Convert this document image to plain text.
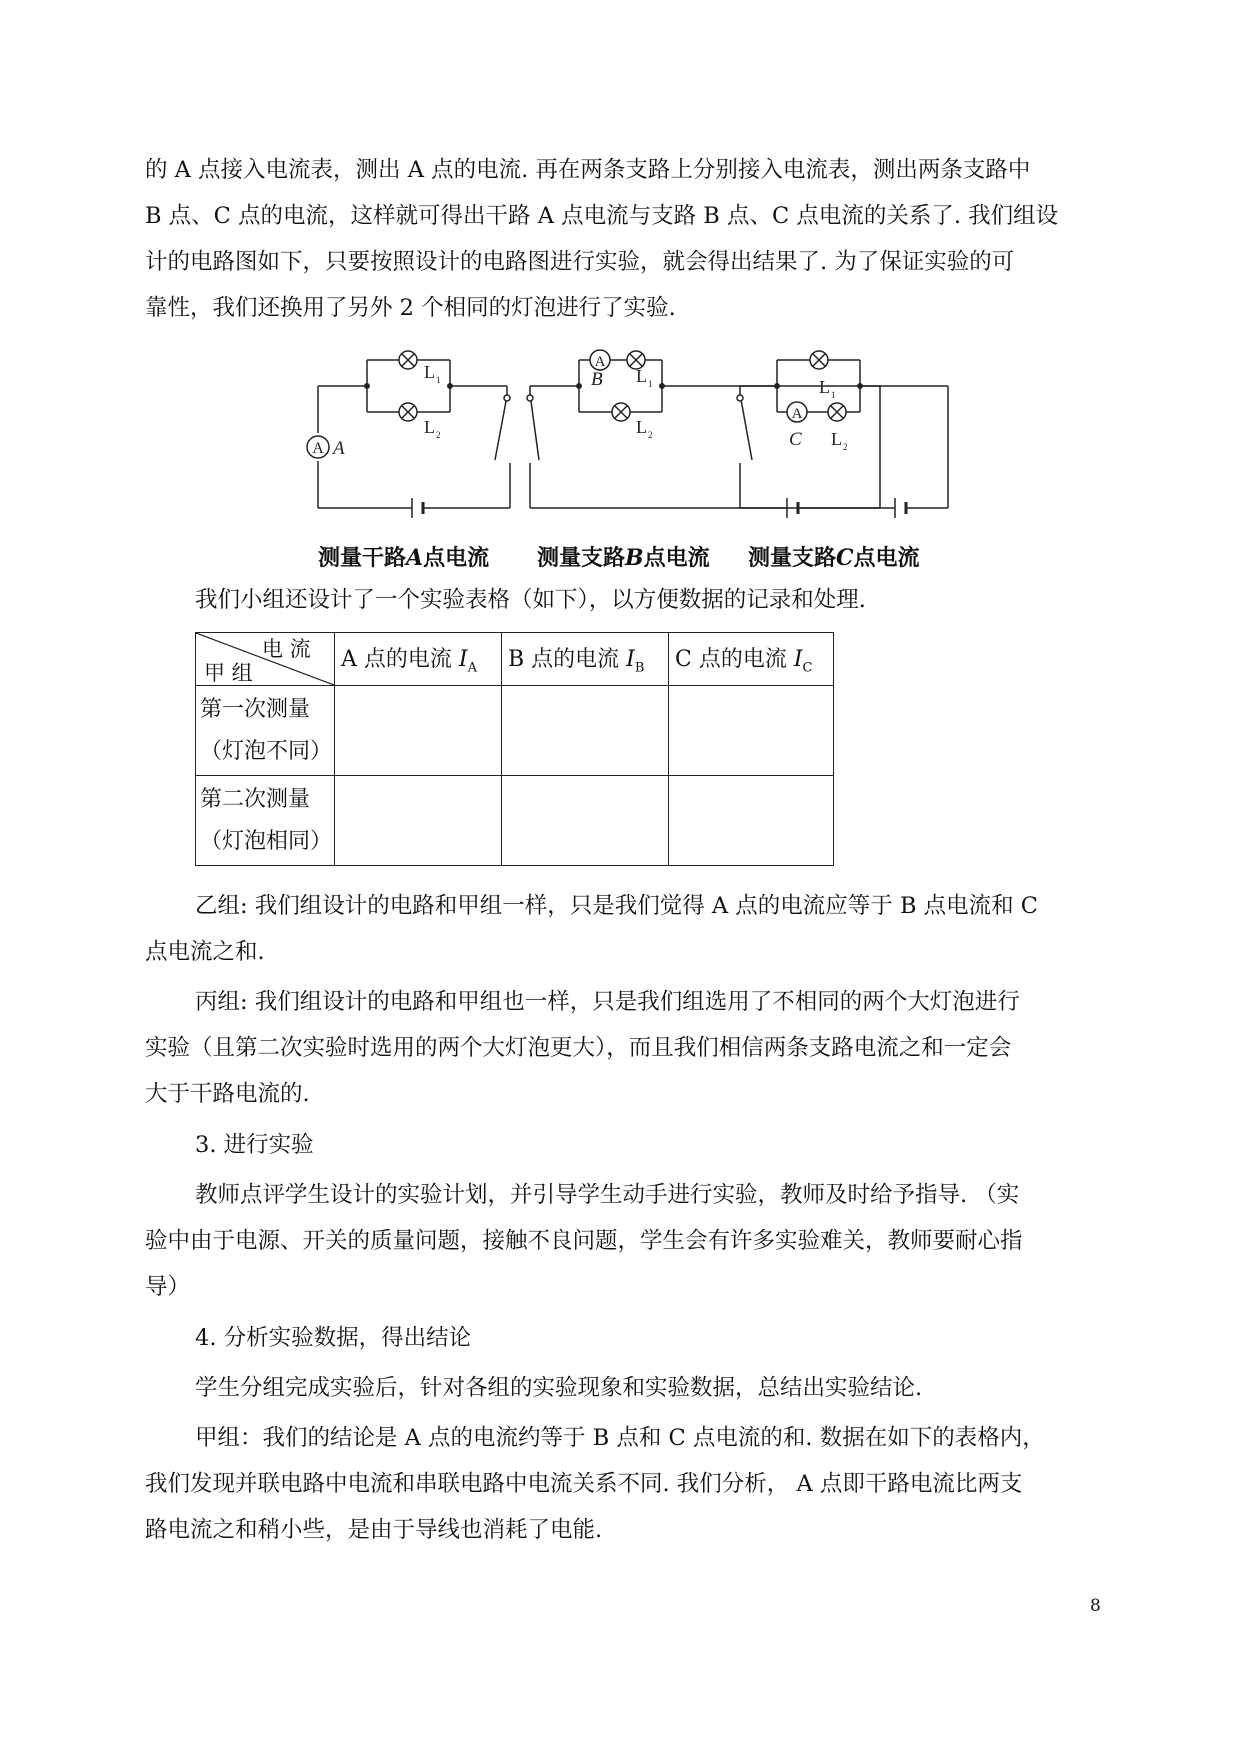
的 A 点接入电流表，测出 A 点的电流. 再在两条支路上分别接入电流表，测出两条支路中
B 点、C 点的电流，这样就可得出干路 A 点电流与支路 B 点、C 点电流的关系了. 我们组设
计的电路图如下，只要按照设计的电路图进行实验，就会得出结果了. 为了保证实验的可
靠性，我们还换用了另外 2 个相同的灯泡进行了实验.
A A
L 1
L 2
A
B L 1
L 2
A
C
L 1
L 2
测量干路A点电流 测量支路B点电流 测量支路C点电流
我们小组还设计了一个实验表格（如下），以方便数据的记录和处理.
电 流
甲 组	A 点的电流 $I_A$	B 点的电流 $I_B$	C 点的电流 $I_C$

第一次测量
（灯泡不同）			

第二次测量
（灯泡相同）			

乙组: 我们组设计的电路和甲组一样，只是我们觉得 A 点的电流应等于 B 点电流和 C
点电流之和.
丙组: 我们组设计的电路和甲组也一样，只是我们组选用了不相同的两个大灯泡进行
实验（且第二次实验时选用的两个大灯泡更大），而且我们相信两条支路电流之和一定会
大于干路电流的.
3. 进行实验
教师点评学生设计的实验计划，并引导学生动手进行实验，教师及时给予指导. （实
验中由于电源、开关的质量问题，接触不良问题，学生会有许多实验难关，教师要耐心指
导）
4. 分析实验数据，得出结论
学生分组完成实验后，针对各组的实验现象和实验数据，总结出实验结论.
甲组：我们的结论是 A 点的电流约等于 B 点和 C 点电流的和. 数据在如下的表格内，
我们发现并联电路中电流和串联电路中电流关系不同. 我们分析， A 点即干路电流比两支
路电流之和稍小些，是由于导线也消耗了电能.
8
